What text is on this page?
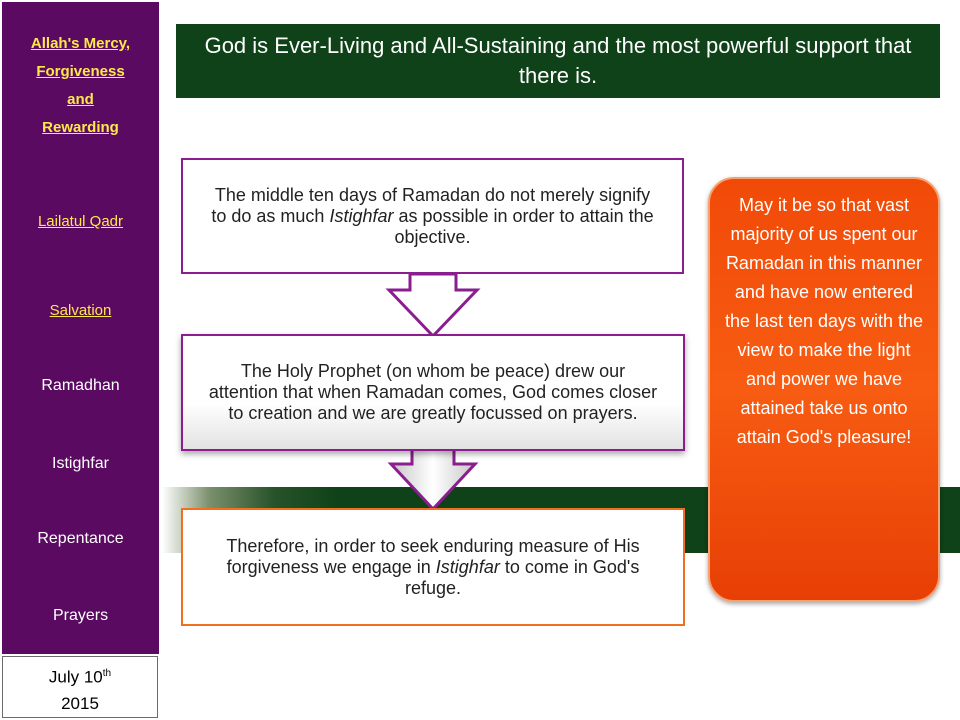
Allah's Mercy,
Forgiveness
and
Rewarding
Lailatul Qadr
Salvation
Ramadhan
Istighfar
Repentance
Prayers
July 10th
2015
God is Ever-Living and All-Sustaining and the most powerful support that there is.
The middle ten days of Ramadan do not merely signify to do as much Istighfar as possible in order to attain the objective.
The Holy Prophet (on whom be peace) drew our attention that when Ramadan comes, God comes closer to creation and we are greatly focussed on prayers.
Therefore, in order to seek enduring measure of His forgiveness we engage in Istighfar to come in God's refuge.
May it be so that vast majority of us spent our Ramadan in this manner and have now entered the last ten days with the view to make the light and power we have attained take us onto attain God's pleasure!
